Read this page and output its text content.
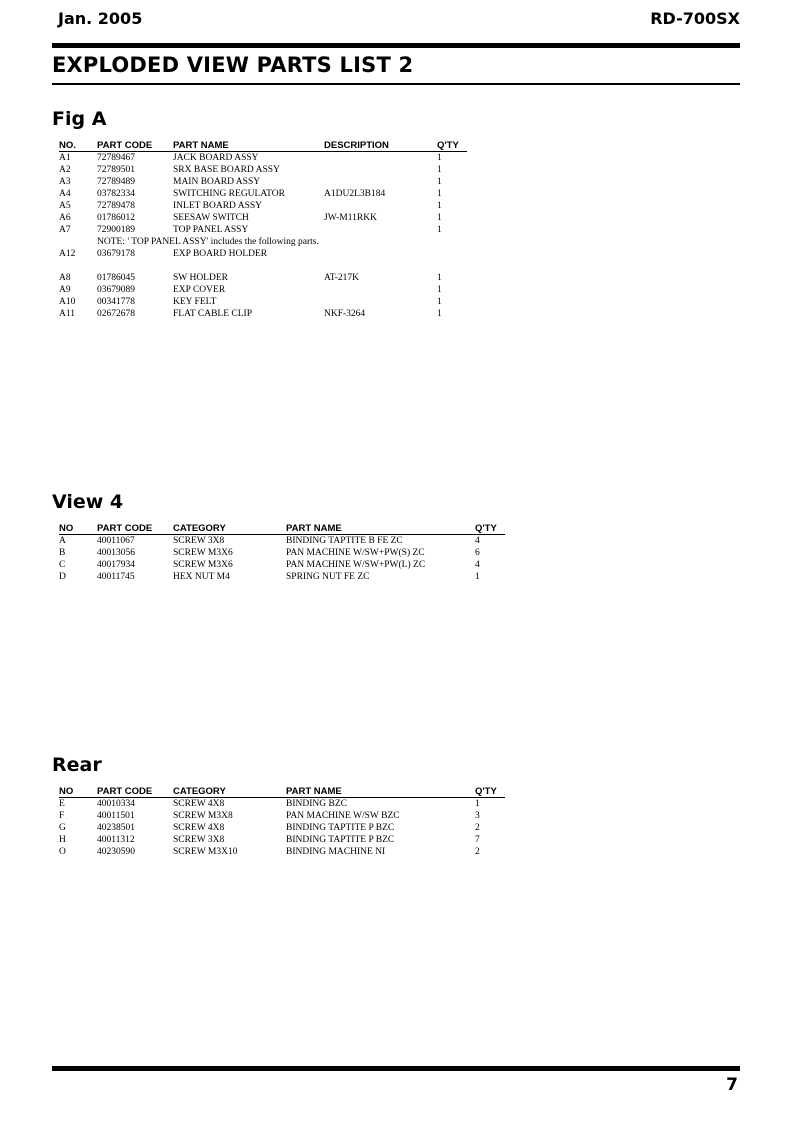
Jan. 2005	RD-700SX
EXPLODED VIEW PARTS LIST 2
Fig A
NO.	PART CODE	PART NAME	DESCRIPTION	Q'TY
A1	72789467	JACK BOARD ASSY		1
A2	72789501	SRX BASE BOARD ASSY		1
A3	72789489	MAIN BOARD ASSY		1
A4	03782334	SWITCHING REGULATOR	A1DU2L3B184	1
A5	72789478	INLET BOARD ASSY		1
A6	01786012	SEESAW SWITCH	JW-M11RKK	1
A7	72900189	TOP PANEL ASSY		1
	NOTE: ' TOP PANEL ASSY' includes the following parts.			
A12	03679178	EXP BOARD HOLDER		

A8	01786045	SW HOLDER	AT-217K	1
A9	03679089	EXP COVER		1
A10	00341778	KEY FELT		1
A11	02672678	FLAT CABLE CLIP	NKF-3264	1
View 4
NO	PART CODE	CATEGORY	PART NAME	Q'TY
A	40011067	SCREW 3X8	BINDING TAPTITE B FE ZC	4
B	40013056	SCREW M3X6	PAN MACHINE W/SW+PW(S) ZC	6
C	40017934	SCREW M3X6	PAN MACHINE W/SW+PW(L) ZC	4
D	40011745	HEX NUT M4	SPRING NUT FE ZC	1
Rear
NO	PART CODE	CATEGORY	PART NAME	Q'TY
E	40010334	SCREW 4X8	BINDING BZC	1
F	40011501	SCREW M3X8	PAN MACHINE W/SW BZC	3
G	40238501	SCREW 4X8	BINDING TAPTITE P BZC	2
H	40011312	SCREW 3X8	BINDING TAPTITE P BZC	7
O	40230590	SCREW M3X10	BINDING MACHINE NI	2
7
